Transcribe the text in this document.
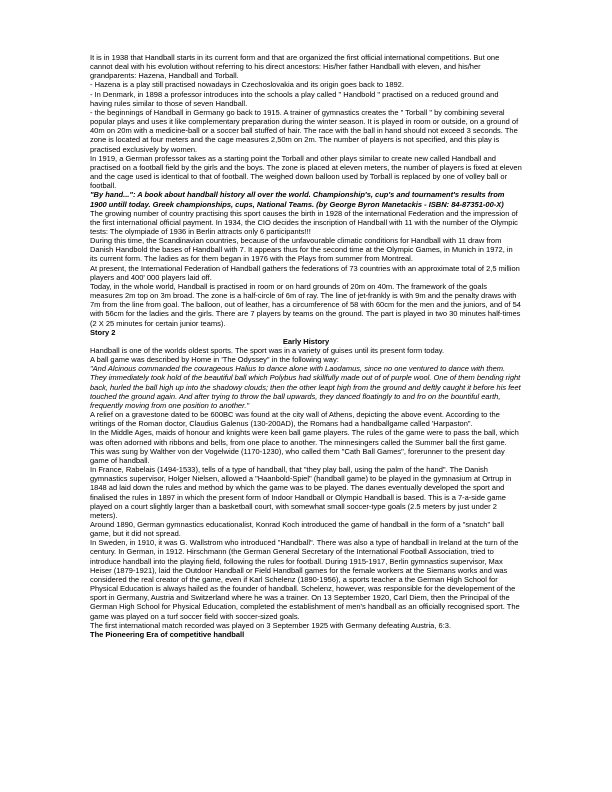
It is in 1938 that Handball starts in its current form and that are organized the first official international competitions. But one cannot deal with his evolution without referring to his direct ancestors: His/her father Handball with eleven, and his/her grandparents: Hazena, Handball and Torball.

- Hazena is a play still practised nowadays in Czechoslovakia and its origin goes back to 1892.

- In Denmark, in 1898 a professor introduces into the schools a play called " Handbold " practised on a reduced ground and having rules similar to those of seven Handball.

- the beginnings of Handball in Germany go back to 1915. A trainer of gymnastics creates the " Torball " by combining several popular plays and uses it like complementary preparation during the winter season. It is played in room or outside, on a ground of 40m on 20m with a medicine-ball or a soccer ball stuffed of hair. The race with the ball in hand should not exceed 3 seconds. The zone is located at four meters and the cage measures 2,50m on 2m. The number of players is not specified, and this play is practised exclusively by women.

In 1919, a German professor takes as a starting point the Torball and other plays similar to create new called Handball and practised on a football field by the girls and the boys. The zone is placed at eleven meters, the number of players is fixed at eleven and the cage used is identical to that of football. The weighed down balloon used by Torball is replaced by one of volley ball or football.

"By hand...": A book about handball history all over the world. Championship's, cup's and tournament's results from 1900 untill today. Greek championships, cups, National Teams. (by George Byron Manetackis - ISBN: 84-87351-00-X)

The growing number of country practising this sport causes the birth in 1928 of the international Federation and the impression of the first international official payment. In 1934, the CIO decides the inscription of Handball with 11 with the number of the Olympic tests: The olympiade of 1936 in Berlin attracts only 6 participants!!!

During this time, the Scandinavian countries, because of the unfavourable climatic conditions for Handball with 11 draw from Danish Handbold the bases of Handball with 7. It appears thus for the second time at the Olympic Games, in Munich in 1972, in its current form. The ladies as for them began in 1976 with the Plays from summer from Montreal.

At present, the International Federation of Handball gathers the federations of 73 countries with an approximate total of 2,5 million players and 400' 000 players laid off.

Today, in the whole world, Handball is practised in room or on hard grounds of 20m on 40m. The framework of the goals measures 2m top on 3m broad. The zone is a half-circle of 6m of ray. The line of jet-frankly is with 9m and the penalty draws with 7m from the line from goal. The balloon, out of leather, has a circumference of 58 with 60cm for the men and the juniors, and of 54 with 56cm for the ladies and the girls. There are 7 players by teams on the ground. The part is played in two 30 minutes half-times (2 X 25 minutes for certain junior teams).

Story 2

Early History

Handball is one of the worlds oldest sports. The sport was in a variety of guises until its present form today.

A ball game was described by Home in 'The Odyssey" in the following way:

"And Alcinous commanded the courageous Halius to dance alone with Laodamus, since no one ventured to dance with them. They immediately took hold of the beautiful ball which Polybus had skillfully made out of of purple wool. One of them bending right back, hurled the ball high up into the shadowy clouds; then the other leapt high from the ground and deftly caught it before his feet touched the ground again. And after trying to throw the ball upwards, they danced floatingly to and fro on the bountiful earth, frequently moving from one position to another."

A relief on a gravestone dated to be 600BC was found at the city wall of Athens, depicting the above event. According to the writings of the Roman doctor, Claudius Galenus (130-200AD), the Romans had a handballgame called 'Harpaston".

In the Middle Ages, maids of honour and knights were keen ball game players. The rules of the game were to pass the ball, which was often adorned with ribbons and bells, from one place to another. The minnesingers called the Summer ball the first game. This was sung by Walther von der Vogelwide (1170-1230), who called them "Cath Ball Games", forerunner to the present day game of handball.

In France, Rabelais (1494-1533), tells of a type of handball, that "they play ball, using the palm of the hand". The Danish gymnastics supervisor, Holger Nielsen, allowed a "Haanbold-Spiel" (handball game) to be played in the gymnasium at Ortrup in 1848 ad laid down the rules and method by which the game was to be played. The danes eventually developed the sport and finalised the rules in 1897 in which the present form of Indoor Handball or Olympic Handball is based. This is a 7-a-side game played on a court slightly larger than a basketball court, with somewhat small soccer-type goals (2.5 meters by just under 2 meters).

Around 1890, German gymnastics educationalist, Konrad Koch introduced the game of handball in the form of a "snatch" ball game, but it did not spread.

In Sweden, in 1910, it was G. Wallstrom who introduced "Handball". There was also a type of handball in Ireland at the turn of the century. In German, in 1912. Hirschmann (the German General Secretary of the International Football Association, tried to introduce handball into the playing field, following the rules for football. During 1915-1917, Berlin gymnastics supervisor, Max Heiser (1879-1921), laid the Outdoor Handball or Field Handball games for the female workers at the Siemans works and was considered the real creator of the game, even if Karl Schelenz (1890-1956), a sports teacher a the German High School for Physical Education is always hailed as the founder of handball. Schelenz, however, was responsible for the developement of the sport in Germany, Austria and Switzerland where he was a trainer. On 13 September 1920, Carl Diem, then the Principal of the German High School for Physical Education, completed the establishment of men's handball as an officially recognised sport. The game was played on a turf soccer field with soccer-sized goals.

The first international match recorded was played on 3 September 1925 with Germany defeating Austria, 6:3.

The Pioneering Era of competitive handball
